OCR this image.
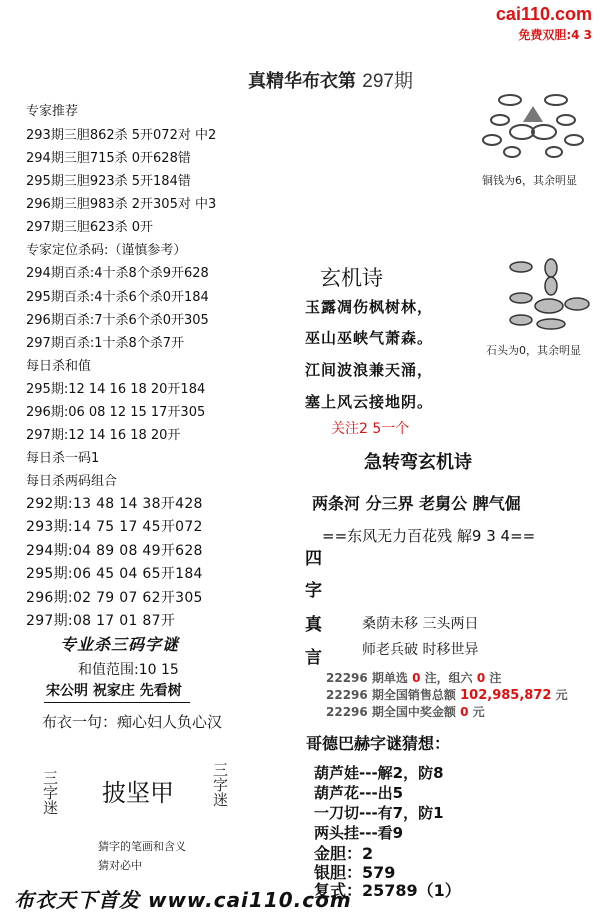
cai110.com
免费双胆:4 3
真精华布衣第 297期
专家推荐
293期三胆862杀 5开072对 中2
294期三胆715杀 0开628错
295期三胆923杀 5开184错
296期三胆983杀 2开305对 中3
297期三胆623杀 0开
专家定位杀码:（谨慎参考）
294期百杀:4十杀8个杀9开628
295期百杀:4十杀6个杀0开184
296期百杀:7十杀6个杀0开305
297期百杀:1十杀8个杀7开
每日杀和值
295期:12 14 16 18 20开184
296期:06 08 12 15 17开305
297期:12 14 16 18 20开
每日杀一码1
每日杀两码组合
292期:13 48 14 38开428
293期:14 75 17 45开072
294期:04 89 08 49开628
295期:06 45 04 65开184
296期:02 79 07 62开305
297期:08 17 01 87开
专业杀三码字谜
和值范围:10 15
宋公明 祝家庄 先看树
布衣一句：痴心妇人负心汉
三字迷 披坚甲 三字迷
猜字的笔画和含义
猜对必中
铜钱为6，其余明显
石头为0，其余明显
玄机诗
玉露凋伤枫树林，
巫山巫峡气萧森。
江间波浪兼天涌，
塞上风云接地阴。
关注2 5一个
急转弯玄机诗
两条河 分三界 老舅公 脾气倔
==东风无力百花残 解9 3 4==
四
字
真
言
桑荫未移 三头两日
师老兵破 时移世异
22296 期单选 0 注，组六 0 注
22296 期全国销售总额 102,985,872 元
22296 期全国中奖金额 0 元
哥德巴赫字谜猜想：
葫芦娃---解2，防8
葫芦花---出5
一刀切---有7，防1
两头挂---看9
金胆：2
银胆：579
复式：25789（1）
布衣天下首发 www.cai110.com
